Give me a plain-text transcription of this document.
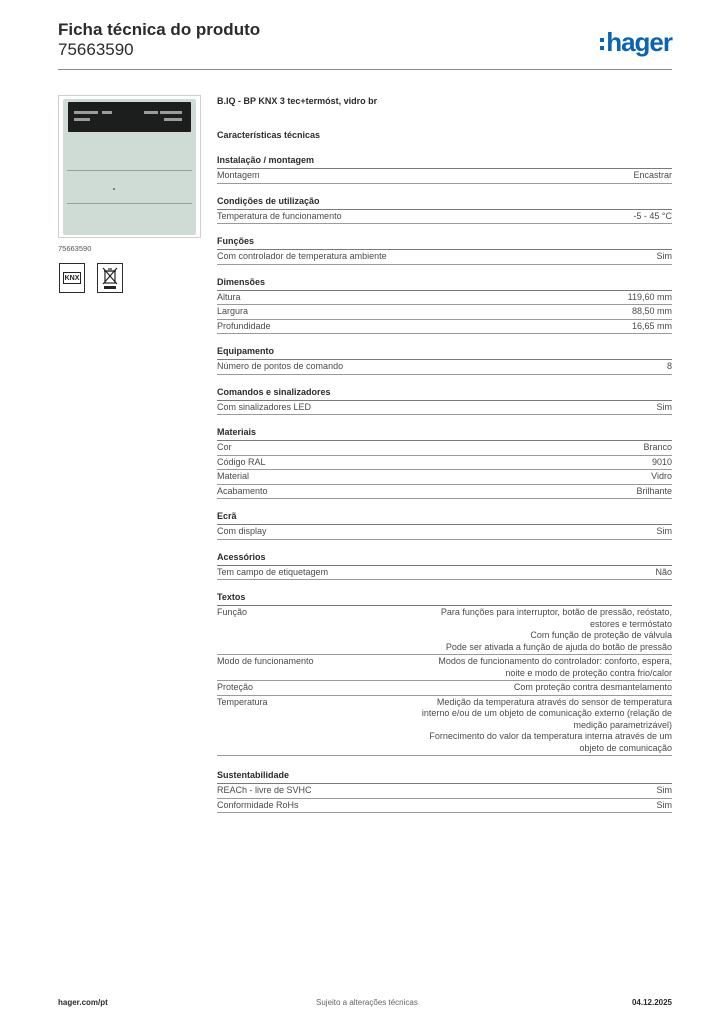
Ficha técnica do produto
75663590	hager
75663590
KNX
B.IQ - BP KNX 3 tec+termóst, vidro br
Características técnicas
Instalação / montagem
Montagem	Encastrar
Condições de utilização
Temperatura de funcionamento	-5 - 45 °C
Funções
Com controlador de temperatura ambiente	Sim
Dimensões
Altura	119,60 mm
Largura	88,50 mm
Profundidade	16,65 mm
Equipamento
Número de pontos de comando	8
Comandos e sinalizadores
Com sinalizadores LED	Sim
Materiais
Cor	Branco
Código RAL	9010
Material	Vidro
Acabamento	Brilhante
Ecrã
Com display	Sim
Acessórios
Tem campo de etiquetagem	Não
Textos
Função	Para funções para interruptor, botão de pressão, reóstato,
estores e termóstato
Com função de proteção de válvula
Pode ser ativada a função de ajuda do botão de pressão
Modo de funcionamento	Modos de funcionamento do controlador: conforto, espera,
noite e modo de proteção contra frio/calor
Proteção	Com proteção contra desmantelamento
Temperatura	Medição da temperatura através do sensor de temperatura
interno e/ou de um objeto de comunicação externo (relação de
medição parametrizável)
Fornecimento do valor da temperatura interna através de um
objeto de comunicação
Sustentabilidade
REACh - livre de SVHC	Sim
Conformidade RoHs	Sim
hager.com/pt	Sujeito a alterações técnicas	04.12.2025
